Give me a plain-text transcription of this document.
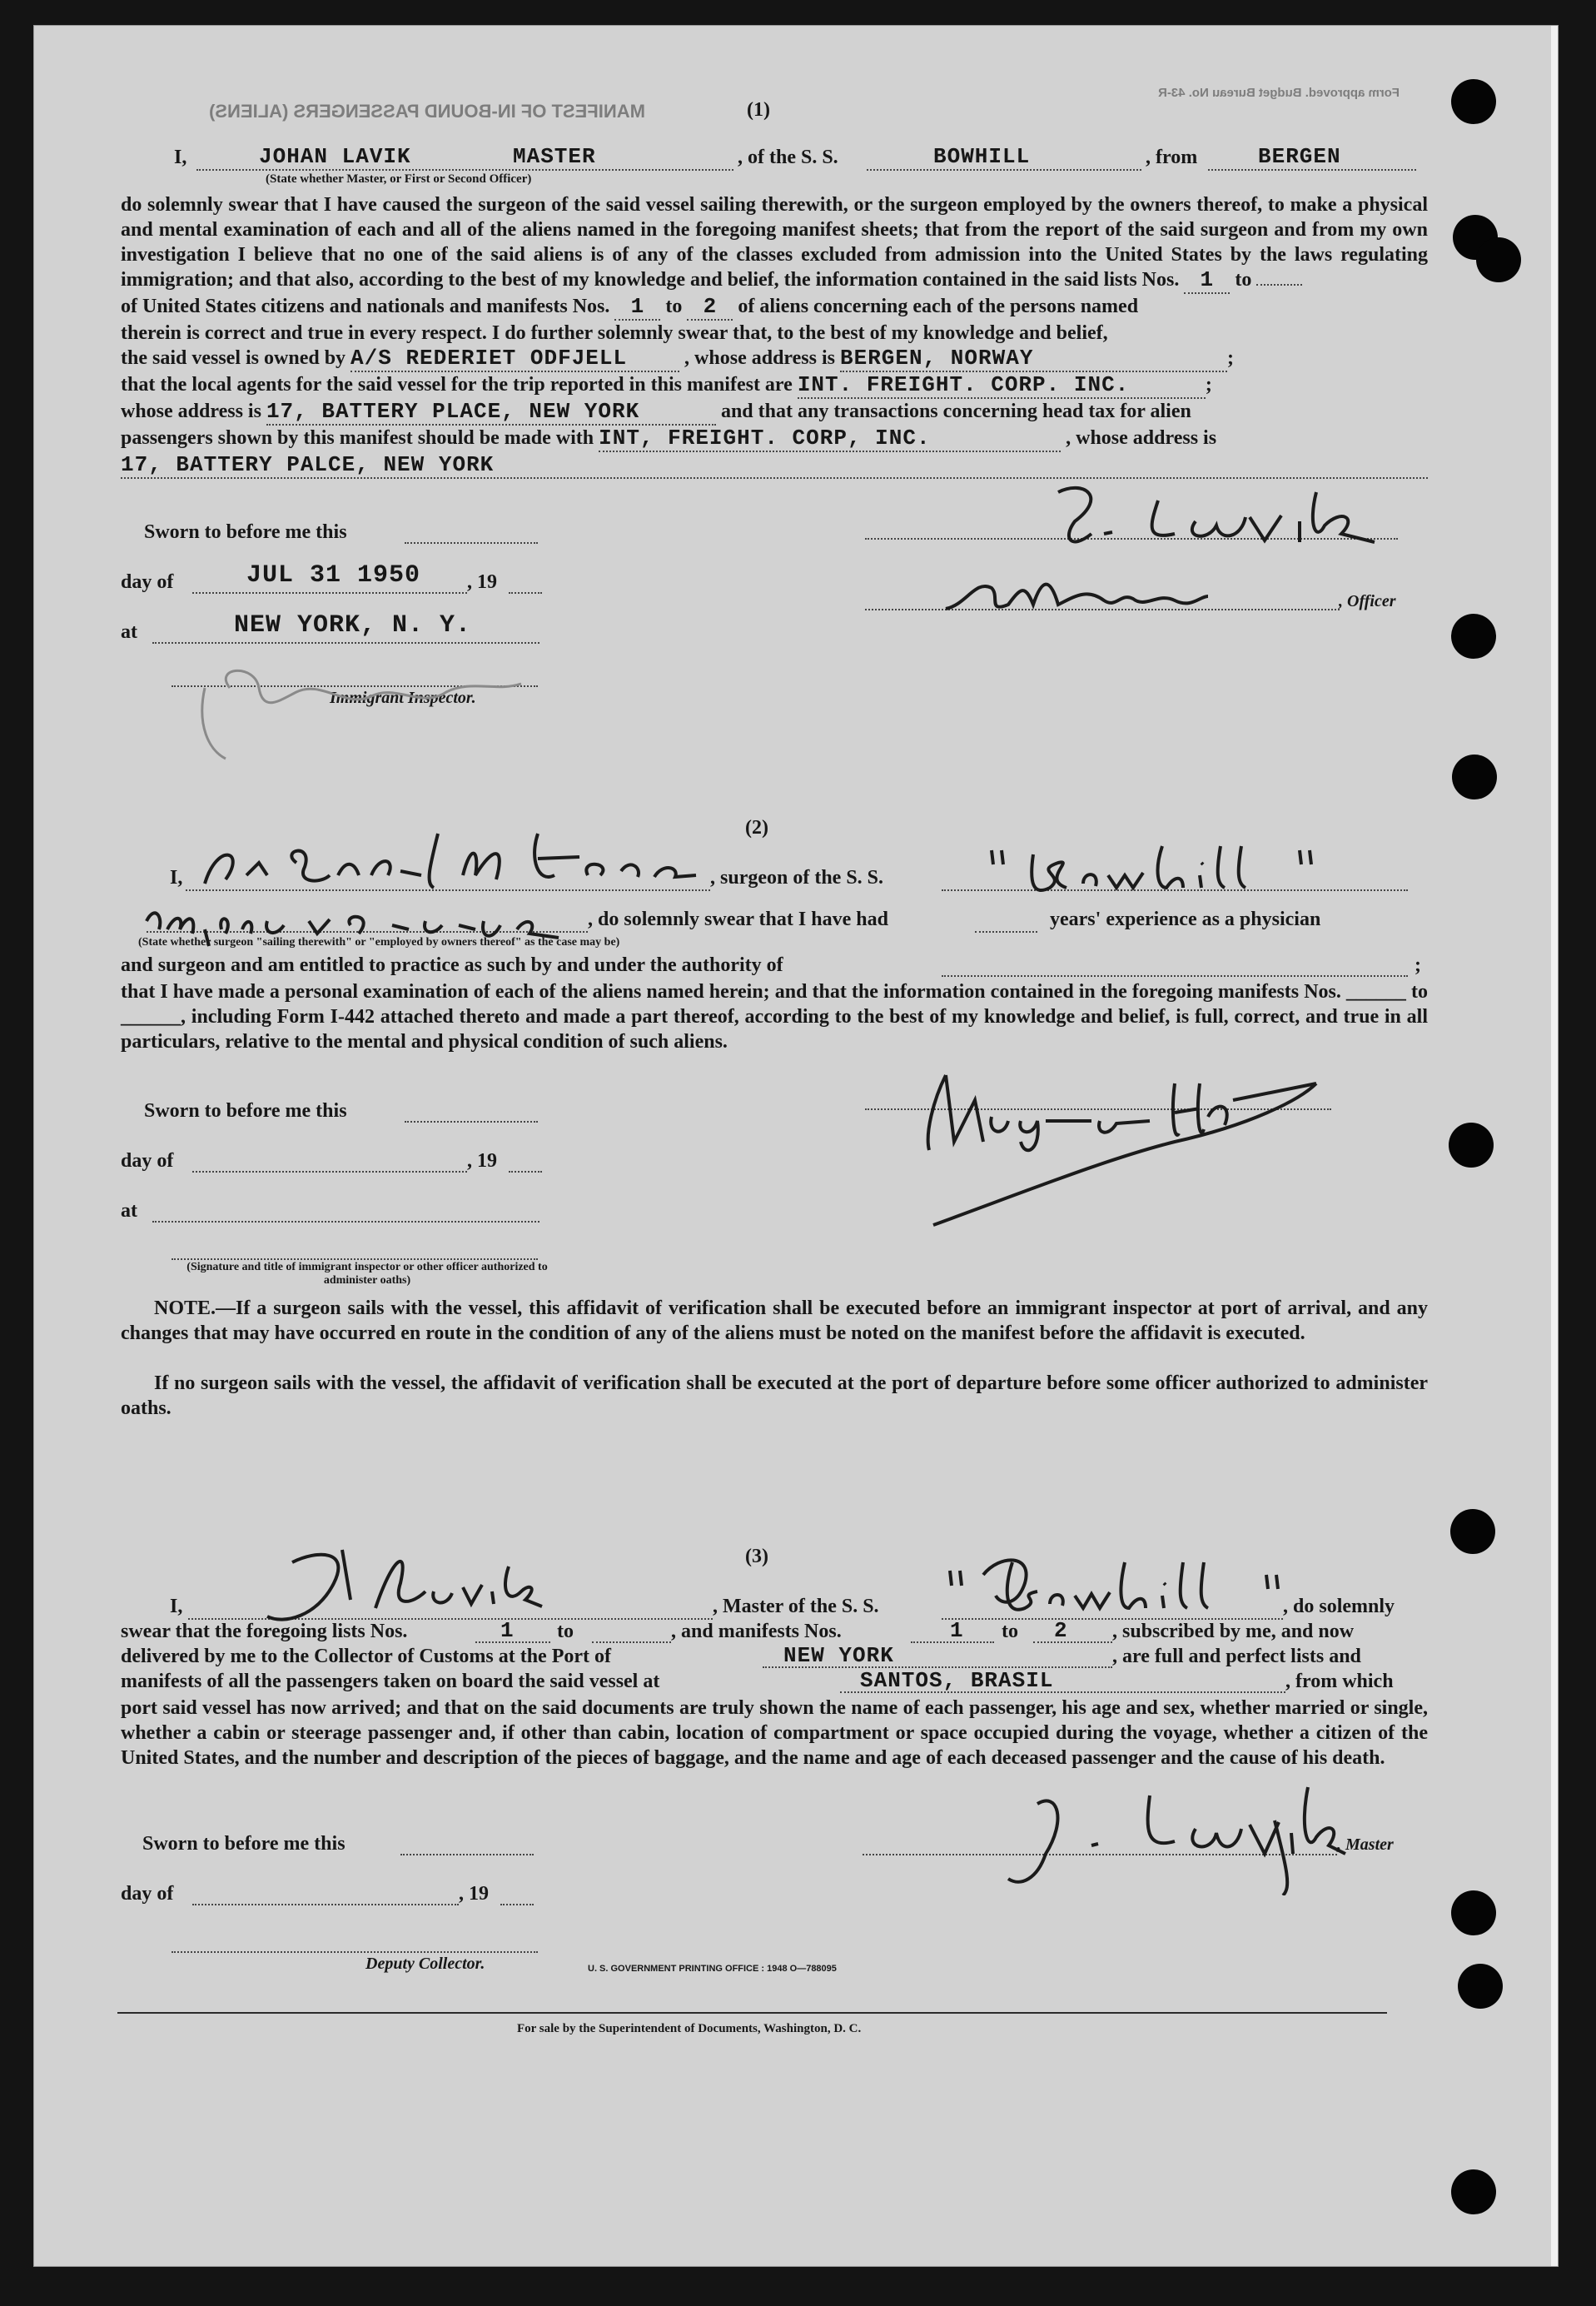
MANIFEST OF IN-BOUND PASSENGERS (ALIENS)
Form approved. Budget Bureau No. 43-R
(1)
I,	JOHAN LAVIK	MASTER
(State whether Master, or First or Second Officer)
, of the S. S.	BOWHILL	, from	BERGEN
do solemnly swear that I have caused the surgeon of the said vessel sailing therewith, or the surgeon employed by the owners thereof, to make a physical and mental examination of each and all of the aliens named in the foregoing manifest sheets; that from the report of the said surgeon and from my own investigation I believe that no one of the said aliens is of any of the classes excluded from admission into the United States by the laws regulating immigration; and that also, according to the best of my knowledge and belief, the information contained in the said lists Nos. 1 to
of United States citizens and nationals and manifests Nos. 1 to 2 of aliens concerning each of the persons named
therein is correct and true in every respect. I do further solemnly swear that, to the best of my knowledge and belief,
the said vessel is owned by A/S REDERIET ODFJELL	, whose address is BERGEN, NORWAY	;
that the local agents for the said vessel for the trip reported in this manifest are INT. FREIGHT. CORP. INC.	;
whose address is 17, BATTERY PLACE, NEW YORK	and that any transactions concerning head tax for alien
passengers shown by this manifest should be made with INT, FREIGHT. CORP, INC.	, whose address is
17, BATTERY PALCE, NEW YORK
Sworn to before me this
day of	JUL 31 1950 , 19
at	NEW YORK, N. Y.
Immigrant Inspector.
, Officer
(2)
I,	, surgeon of the S. S.
(State whether surgeon "sailing therewith" or "employed by owners thereof" as the case may be)
, do solemnly swear that I have had	years' experience as a physician
and surgeon and am entitled to practice as such by and under the authority of	;
that I have made a personal examination of each of the aliens named herein; and that the information contained in the foregoing manifests Nos. ______ to ______, including Form I-442 attached thereto and made a part thereof, according to the best of my knowledge and belief, is full, correct, and true in all particulars, relative to the mental and physical condition of such aliens.
Sworn to before me this
day of	, 19
at
(Signature and title of immigrant inspector or other officer authorized to administer oaths)
NOTE.—If a surgeon sails with the vessel, this affidavit of verification shall be executed before an immigrant inspector at port of arrival, and any changes that may have occurred en route in the condition of any of the aliens must be noted on the manifest before the affidavit is executed.
If no surgeon sails with the vessel, the affidavit of verification shall be executed at the port of departure before some officer authorized to administer oaths.
(3)
I,	, Master of the S. S.	, do solemnly
swear that the foregoing lists Nos.	1 to	, and manifests Nos.	1 to 2 , subscribed by me, and now
delivered by me to the Collector of Customs at the Port of	NEW YORK	, are full and perfect lists and
manifests of all the passengers taken on board the said vessel at	SANTOS, BRASIL	, from which
port said vessel has now arrived; and that on the said documents are truly shown the name of each passenger, his age and sex, whether married or single, whether a cabin or steerage passenger and, if other than cabin, location of compartment or space occupied during the voyage, whether a citizen of the United States, and the number and description of the pieces of baggage, and the name and age of each deceased passenger and the cause of his death.
Sworn to before me this	, Master
day of	, 19
Deputy Collector.	U. S. GOVERNMENT PRINTING OFFICE : 1948 O—788095
For sale by the Superintendent of Documents, Washington, D. C.
